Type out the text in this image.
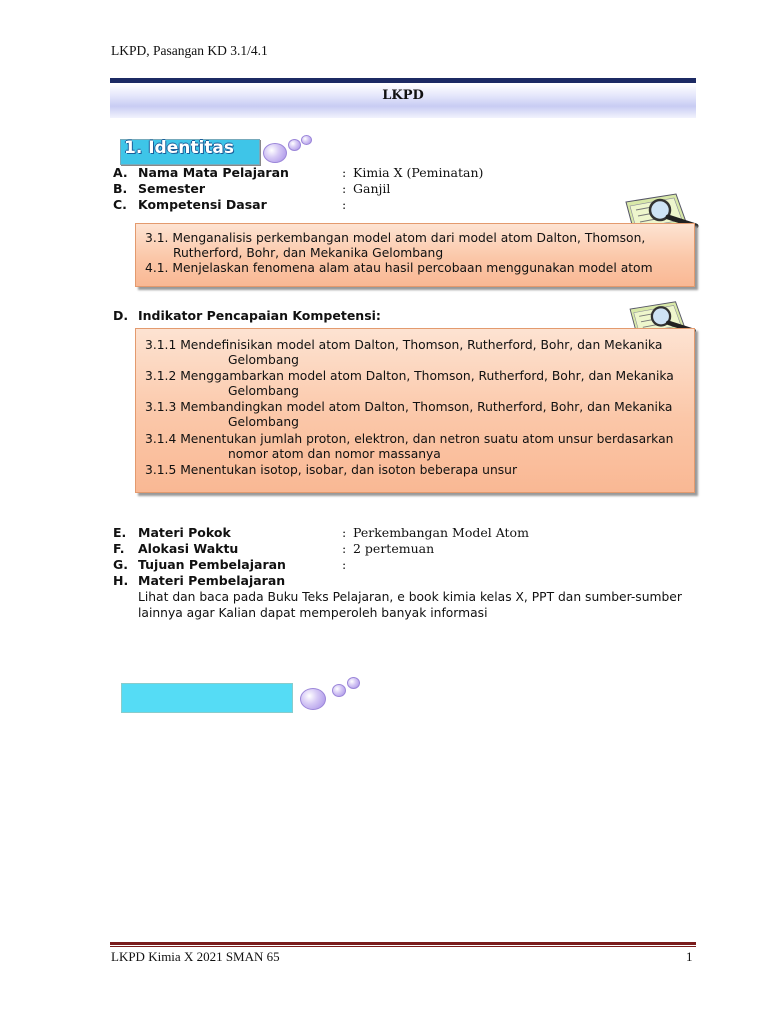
LKPD, Pasangan KD 3.1/4.1
LKPD
1. Identitas
A. Nama Mata Pelajaran	: Kimia X (Peminatan)
B. Semester	: Ganjil
C. Kompetensi Dasar	:
3.1. Menganalisis perkembangan model atom dari model atom Dalton, Thomson,
Rutherford, Bohr, dan Mekanika Gelombang
4.1. Menjelaskan fenomena alam atau hasil percobaan menggunakan model atom
D. Indikator Pencapaian Kompetensi:
3.1.1 Mendefinisikan model atom Dalton, Thomson, Rutherford, Bohr, dan Mekanika
Gelombang
3.1.2 Menggambarkan model atom Dalton, Thomson, Rutherford, Bohr, dan Mekanika
Gelombang
3.1.3 Membandingkan model atom Dalton, Thomson, Rutherford, Bohr, dan Mekanika
Gelombang
3.1.4 Menentukan jumlah proton, elektron, dan netron suatu atom unsur berdasarkan
nomor atom dan nomor massanya
3.1.5 Menentukan isotop, isobar, dan isoton beberapa unsur
E. Materi Pokok	: Perkembangan Model Atom
F. Alokasi Waktu	: 2 pertemuan
G. Tujuan Pembelajaran	:
H. Materi Pembelajaran
Lihat dan baca pada Buku Teks Pelajaran, e book kimia kelas X, PPT dan sumber-sumber
lainnya agar Kalian dapat memperoleh banyak informasi
LKPD Kimia X 2021 SMAN 65	1
